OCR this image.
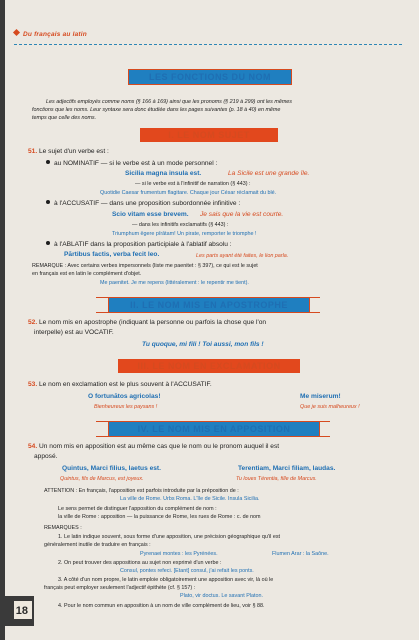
Du français au latin
LES FONCTIONS DU NOM
Les adjectifs employés comme noms (§ 166 à 169) ainsi que les pronoms (§ 219 à 299) ont les mêmes
fonctions que les noms. Leur syntaxe sera donc étudiée dans les pages suivantes (p. 18 à 40) en même
temps que celle des noms.
I. LE NOM SUJET
51. Le sujet d'un verbe est :
au NOMINATIF — si le verbe est à un mode personnel :
Sicilia magna insula est.	La Sicile est une grande île.
— si le verbe est à l'infinitif de narration (§ 443) :
Quotidie Caesar frumentum flagitare. Chaque jour César réclamait du blé.
à l'ACCUSATIF — dans une proposition subordonnée infinitive :
Scio vitam esse brevem. Je sais que la vie est courte.
— dans les infinitifs exclamatifs (§ 443) :
Triumphum ēgere pīrātam! Un pirate, remporter le triomphe !
à l'ABLATIF dans la proposition participiale à l'ablatif absolu :
Pārtibus factis, verba fecit leo.	Les parts ayant été faites, le lion parla.
REMARQUE : Avec certains verbes impersonnels (liste me paenitet : § 397), ce qui est le sujet
en français est en latin le complément d'objet.
Me paenitet. Je me repens (littéralement : le repentir me tient).
II. LE NOM MIS EN APOSTROPHE
52. Le nom mis en apostrophe (indiquant la personne ou parfois la chose que l'on
interpelle) est au VOCATIF.
Tu quoque, mi fili ! Toi aussi, mon fils !
III. LE NOM EN EXCLAMATION
53. Le nom en exclamation est le plus souvent à l'ACCUSATIF.
O fortunātos agricolas!	Me miserum!
Bienheureux les paysans !	Que je suis malheureux !
IV. LE NOM MIS EN APPOSITION
54. Un nom mis en apposition est au même cas que le nom ou le pronom auquel il est
apposé.
Quintus, Marci filius, laetus est.	Terentiam, Marci filiam, laudas.
Quintus, fils de Marcus, est joyeux.	Tu loues Térentia, fille de Marcus.
ATTENTION : En français, l'apposition est parfois introduite par la préposition de :
La ville de Rome. Urbs Roma. L'île de Sicile. Insula Sicilia.
Le sens permet de distinguer l'apposition du complément de nom :
la ville de Rome : apposition — la puissance de Rome, les rues de Rome : c. de nom
REMARQUES :
1. Le latin indique souvent, sous forme d'une apposition, une précision géographique qu'il est
généralement inutile de traduire en français :
Pyrenaei montes : les Pyrénées.	Flumen Arar : la Saône.
2. On peut trouver des appositions au sujet non exprimé d'un verbe :
Consul, pontes refeci. [Etant] consul, j'ai refait les ponts.
3. A côté d'un nom propre, le latin emploie obligatoirement une apposition avec vir, là où le
français peut employer seulement l'adjectif épithète (cf. § 157) :
Plato, vir doctus. Le savant Platon.
4. Pour le nom commun en apposition à un nom de ville complément de lieu, voir § 88.
18
